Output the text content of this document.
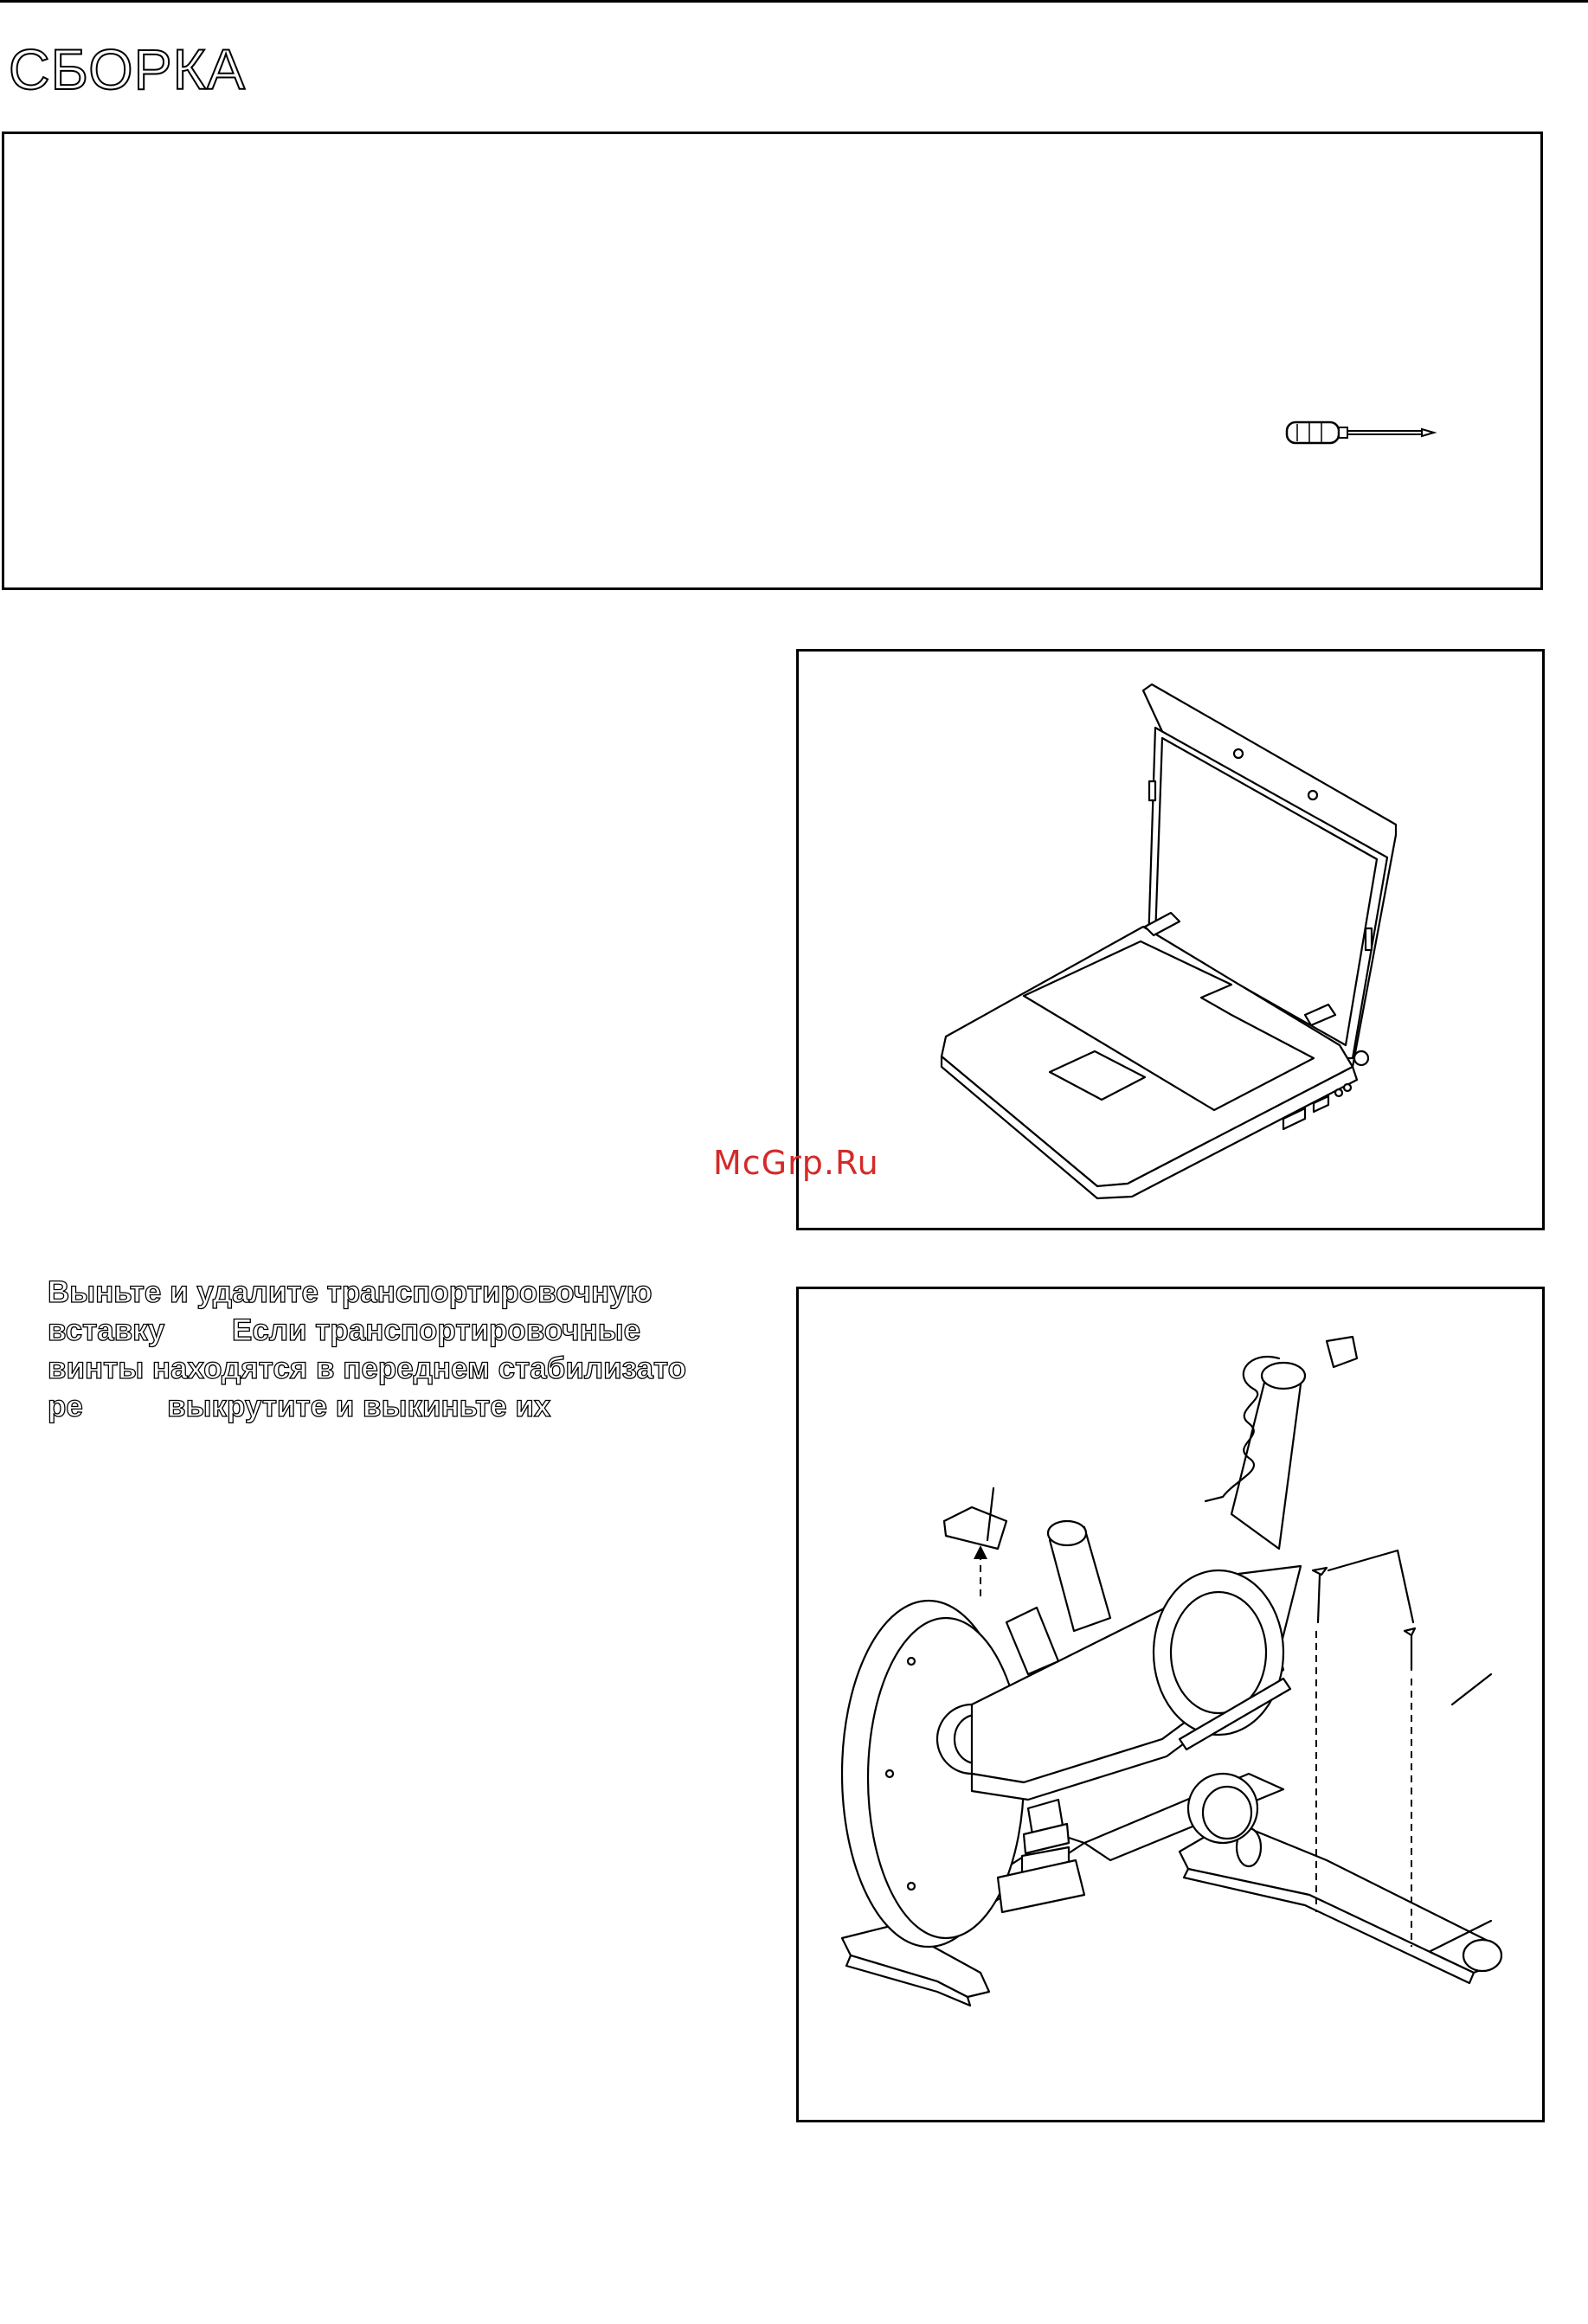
СБОРКА
McGrp.Ru

Выньте и удалите транспортировочную
вставку        Если транспортировочные
винты находятся в переднем стабилизато
ре          выкрутите и выкиньте их
